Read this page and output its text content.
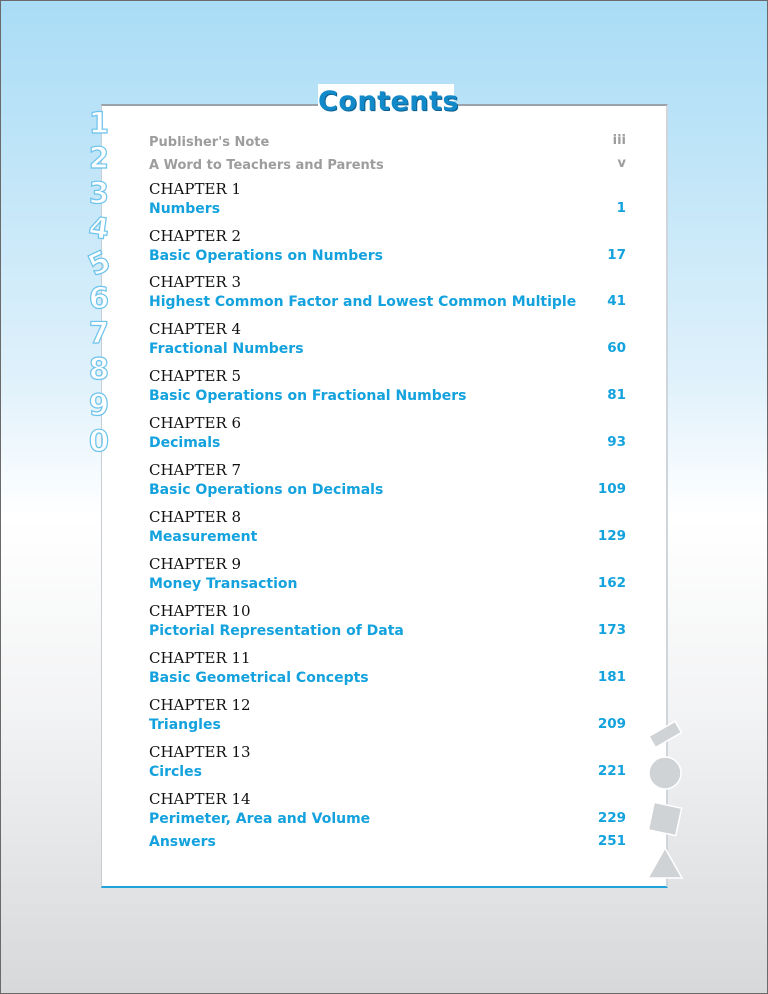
Contents
1
2
3
4
5
6
7
8
9
0
Publisher's Note	iii
A Word to Teachers and Parents	v
CHAPTER 1
Numbers	1
CHAPTER 2
Basic Operations on Numbers	17
CHAPTER 3
Highest Common Factor and Lowest Common Multiple 41
CHAPTER 4
Fractional Numbers	60
CHAPTER 5
Basic Operations on Fractional Numbers	81
CHAPTER 6
Decimals	93
CHAPTER 7
Basic Operations on Decimals	109
CHAPTER 8
Measurement	129
CHAPTER 9
Money Transaction	162
CHAPTER 10
Pictorial Representation of Data	173
CHAPTER 11
Basic Geometrical Concepts	181
CHAPTER 12
Triangles	209
CHAPTER 13
Circles	221
CHAPTER 14
Perimeter, Area and Volume	229
Answers	251
